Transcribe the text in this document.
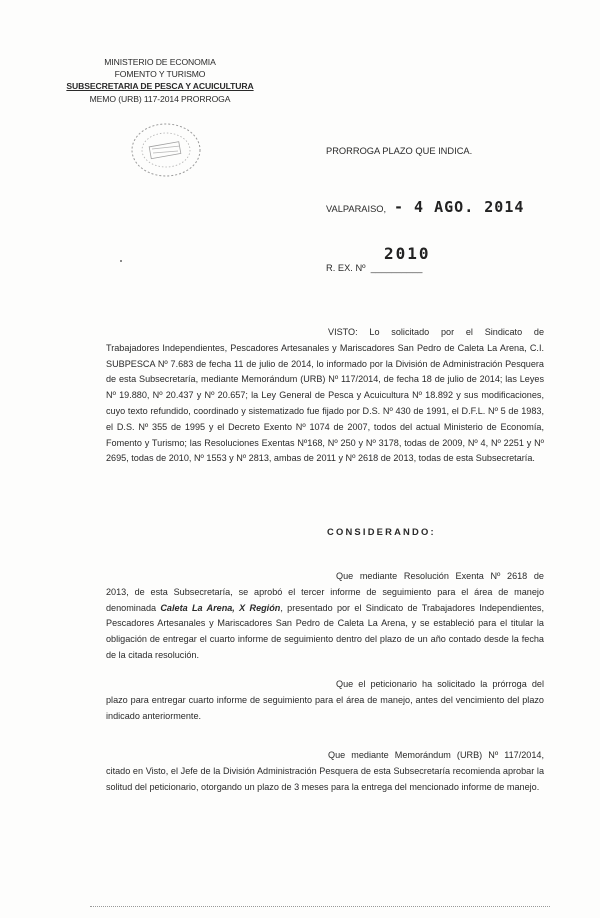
MINISTERIO DE ECONOMIA
FOMENTO Y TURISMO
SUBSECRETARIA DE PESCA Y ACUICULTURA
MEMO (URB) 117-2014 PRORROGA
PRORROGA PLAZO QUE INDICA.
VALPARAISO, - 4 AGO. 2014
R. EX. Nº  __________
2010
VISTO: Lo solicitado por el Sindicato de Trabajadores Independientes, Pescadores Artesanales y Mariscadores San Pedro de Caleta La Arena, C.I. SUBPESCA Nº 7.683 de fecha 11 de julio de 2014, lo informado por la División de Administración Pesquera de esta Subsecretaría, mediante Memorándum (URB) Nº 117/2014, de fecha 18 de julio de 2014; las Leyes Nº 19.880, Nº 20.437 y Nº 20.657; la Ley General de Pesca y Acuicultura Nº 18.892 y sus modificaciones, cuyo texto refundido, coordinado y sistematizado fue fijado por D.S. Nº 430 de 1991, el D.F.L. Nº 5 de 1983, el D.S. Nº 355 de 1995 y el Decreto Exento Nº 1074 de 2007, todos del actual Ministerio de Economía, Fomento y Turismo; las Resoluciones Exentas Nº168, Nº 250 y Nº 3178, todas de 2009, Nº 4, Nº 2251 y Nº 2695, todas de 2010, Nº 1553 y Nº 2813, ambas de 2011 y Nº 2618 de 2013, todas de esta Subsecretaría.
CONSIDERANDO:
Que mediante Resolución Exenta Nº 2618 de 2013, de esta Subsecretaría, se aprobó el tercer informe de seguimiento para el área de manejo denominada Caleta La Arena, X Región, presentado por el Sindicato de Trabajadores Independientes, Pescadores Artesanales y Mariscadores San Pedro de Caleta La Arena, y se estableció para el titular la obligación de entregar el cuarto informe de seguimiento dentro del plazo de un año contado desde la fecha de la citada resolución.
Que el peticionario ha solicitado la prórroga del plazo para entregar cuarto informe de seguimiento para el área de manejo, antes del vencimiento del plazo indicado anteriormente.
Que mediante Memorándum (URB) Nº 117/2014, citado en Visto, el Jefe de la División Administración Pesquera de esta Subsecretaría recomienda aprobar la solitud del peticionario, otorgando un plazo de 3 meses para la entrega del mencionado informe de manejo.
